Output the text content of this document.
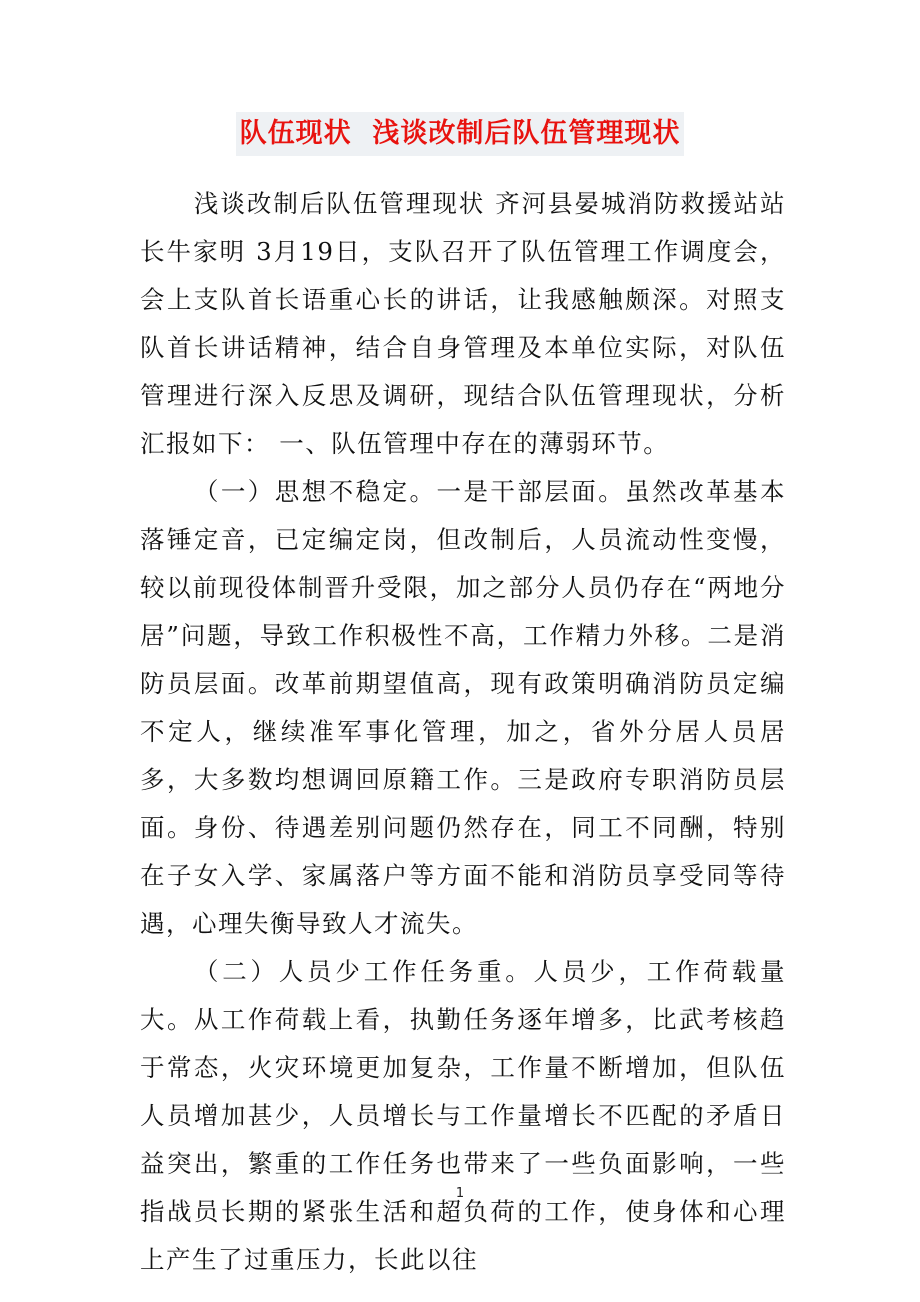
队伍现状  浅谈改制后队伍管理现状

浅谈改制后队伍管理现状 齐河县晏城消防救援站站长牛家明 3月19日，支队召开了队伍管理工作调度会，会上支队首长语重心长的讲话，让我感触颇深。对照支队首长讲话精神，结合自身管理及本单位实际，对队伍管理进行深入反思及调研，现结合队伍管理现状，分析汇报如下： 一、队伍管理中存在的薄弱环节。

（一）思想不稳定。一是干部层面。虽然改革基本落锤定音，已定编定岗，但改制后，人员流动性变慢，较以前现役体制晋升受限，加之部分人员仍存在“两地分居”问题，导致工作积极性不高，工作精力外移。二是消防员层面。改革前期望值高，现有政策明确消防员定编不定人，继续准军事化管理，加之，省外分居人员居多，大多数均想调回原籍工作。三是政府专职消防员层面。身份、待遇差别问题仍然存在，同工不同酬，特别在子女入学、家属落户等方面不能和消防员享受同等待遇，心理失衡导致人才流失。

（二）人员少工作任务重。人员少，工作荷载量大。从工作荷载上看，执勤任务逐年增多，比武考核趋于常态，火灾环境更加复杂，工作量不断增加，但队伍人员增加甚少，人员增长与工作量增长不匹配的矛盾日益突出，繁重的工作任务也带来了一些负面影响，一些指战员长期的紧张生活和超负荷的工作，使身体和心理上产生了过重压力，长此以往

1
